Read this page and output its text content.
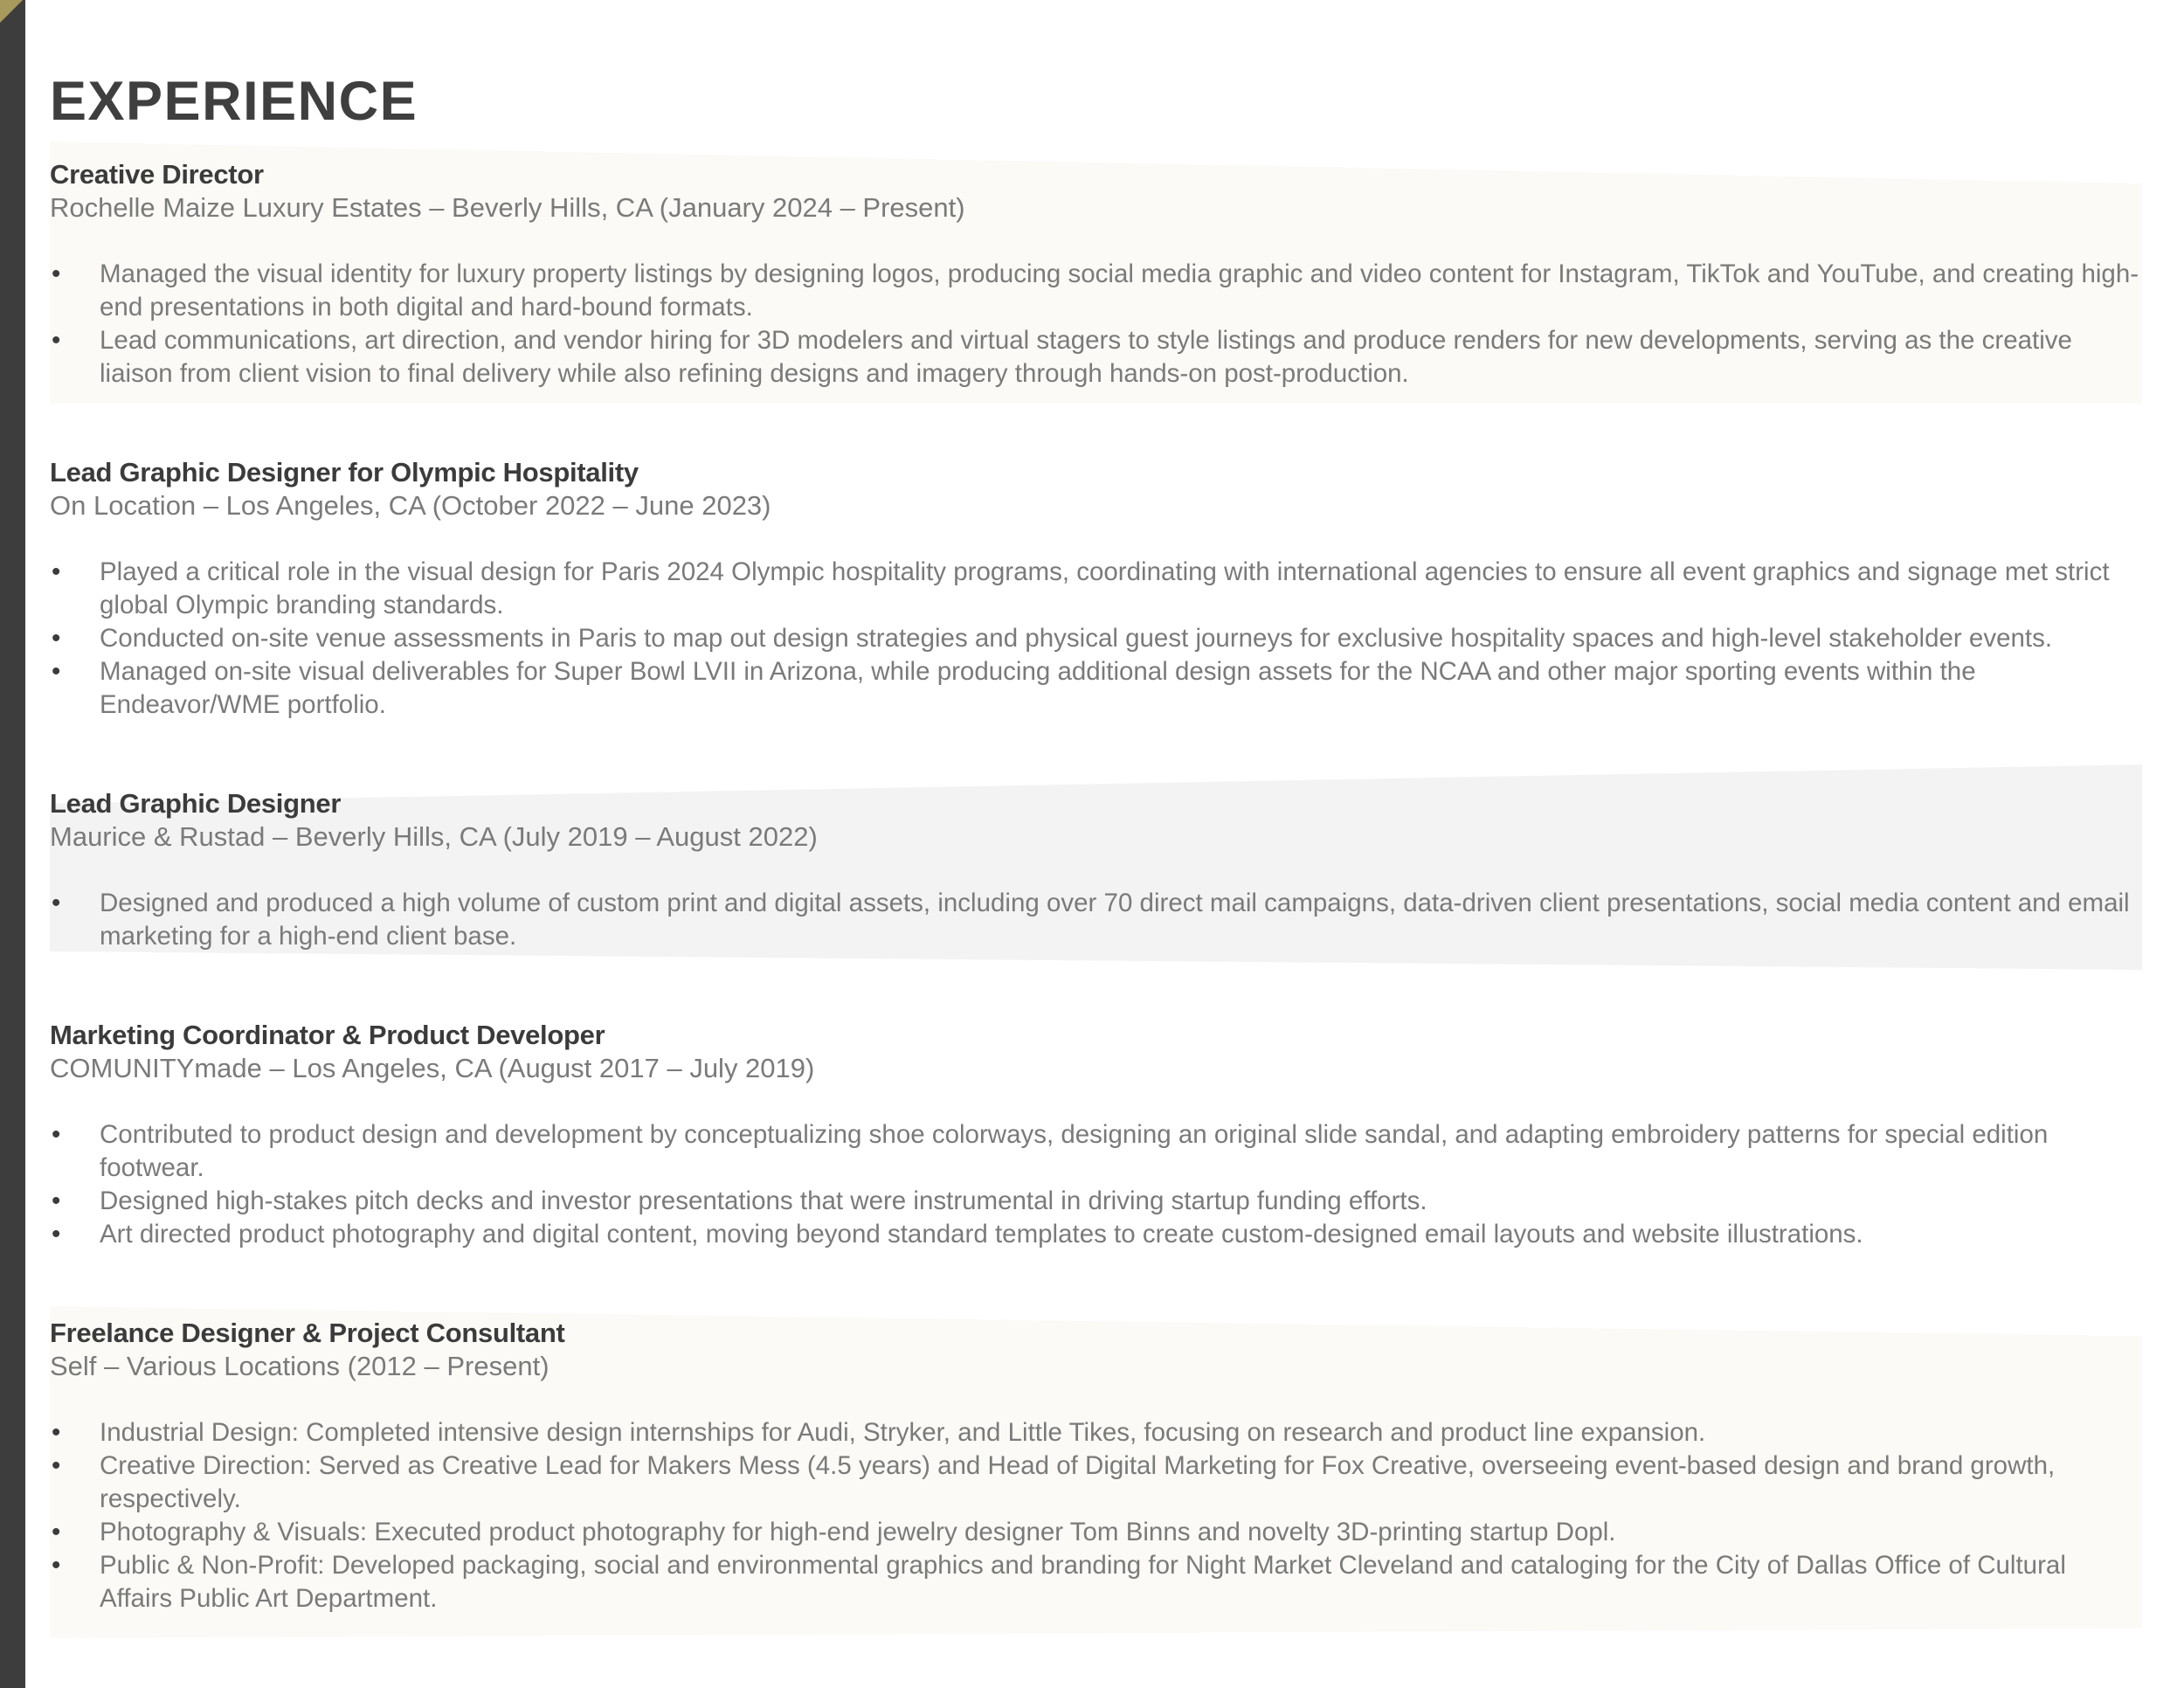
EXPERIENCE
Creative Director
Rochelle Maize Luxury Estates – Beverly Hills, CA (January 2024 – Present)
• Managed the visual identity for luxury property listings by designing logos, producing social media graphic and video content for Instagram, TikTok and YouTube, and creating high-end presentations in both digital and hard-bound formats.
• Lead communications, art direction, and vendor hiring for 3D modelers and virtual stagers to style listings and produce renders for new developments, serving as the creative liaison from client vision to final delivery while also refining designs and imagery through hands-on post-production.
Lead Graphic Designer for Olympic Hospitality
On Location – Los Angeles, CA (October 2022 – June 2023)
• Played a critical role in the visual design for Paris 2024 Olympic hospitality programs, coordinating with international agencies to ensure all event graphics and signage met strict global Olympic branding standards.
• Conducted on-site venue assessments in Paris to map out design strategies and physical guest journeys for exclusive hospitality spaces and high-level stakeholder events.
• Managed on-site visual deliverables for Super Bowl LVII in Arizona, while producing additional design assets for the NCAA and other major sporting events within the Endeavor/WME portfolio.
Lead Graphic Designer
Maurice & Rustad – Beverly Hills, CA (July 2019 – August 2022)
• Designed and produced a high volume of custom print and digital assets, including over 70 direct mail campaigns, data-driven client presentations, social media content and email marketing for a high-end client base.
Marketing Coordinator & Product Developer
COMUNITYmade – Los Angeles, CA (August 2017 – July 2019)
• Contributed to product design and development by conceptualizing shoe colorways, designing an original slide sandal, and adapting embroidery patterns for special edition footwear.
• Designed high-stakes pitch decks and investor presentations that were instrumental in driving startup funding efforts.
• Art directed product photography and digital content, moving beyond standard templates to create custom-designed email layouts and website illustrations.
Freelance Designer & Project Consultant
Self – Various Locations (2012 – Present)
• Industrial Design: Completed intensive design internships for Audi, Stryker, and Little Tikes, focusing on research and product line expansion.
• Creative Direction: Served as Creative Lead for Makers Mess (4.5 years) and Head of Digital Marketing for Fox Creative, overseeing event-based design and brand growth, respectively.
• Photography & Visuals: Executed product photography for high-end jewelry designer Tom Binns and novelty 3D-printing startup Dopl.
• Public & Non-Profit: Developed packaging, social and environmental graphics and branding for Night Market Cleveland and cataloging for the City of Dallas Office of Cultural Affairs Public Art Department.
